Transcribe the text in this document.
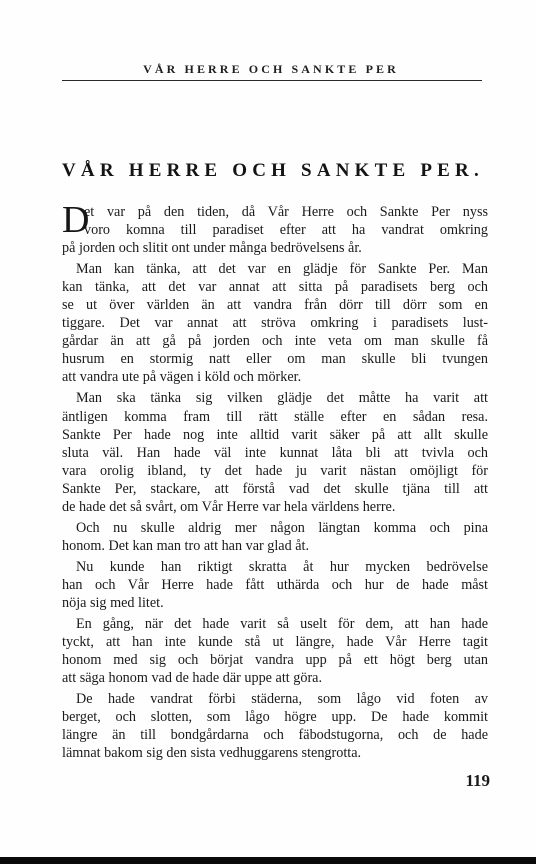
VÅR HERRE OCH SANKTE PER
VÅR HERRE OCH SANKTE PER.
D
et var på den tiden, då Vår Herre och Sankte Per nyss
voro komna till paradiset efter att ha vandrat omkring
på jorden och slitit ont under många bedrövelsens år.
Man kan tänka, att det var en glädje för Sankte Per. Man
kan tänka, att det var annat att sitta på paradisets berg och
se ut över världen än att vandra från dörr till dörr som en
tiggare. Det var annat att ströva omkring i paradisets lust-
gårdar än att gå på jorden och inte veta om man skulle få
husrum en stormig natt eller om man skulle bli tvungen
att vandra ute på vägen i köld och mörker.
Man ska tänka sig vilken glädje det måtte ha varit att
äntligen komma fram till rätt ställe efter en sådan resa.
Sankte Per hade nog inte alltid varit säker på att allt skulle
sluta väl. Han hade väl inte kunnat låta bli att tvivla och
vara orolig ibland, ty det hade ju varit nästan omöjligt för
Sankte Per, stackare, att förstå vad det skulle tjäna till att
de hade det så svårt, om Vår Herre var hela världens herre.
Och nu skulle aldrig mer någon längtan komma och pina
honom. Det kan man tro att han var glad åt.
Nu kunde han riktigt skratta åt hur mycken bedrövelse
han och Vår Herre hade fått uthärda och hur de hade måst
nöja sig med litet.
En gång, när det hade varit så uselt för dem, att han hade
tyckt, att han inte kunde stå ut längre, hade Vår Herre tagit
honom med sig och börjat vandra upp på ett högt berg utan
att säga honom vad de hade där uppe att göra.
De hade vandrat förbi städerna, som lågo vid foten av
berget, och slotten, som lågo högre upp. De hade kommit
längre än till bondgårdarna och fäbodstugorna, och de hade
lämnat bakom sig den sista vedhuggarens stengrotta.
119
